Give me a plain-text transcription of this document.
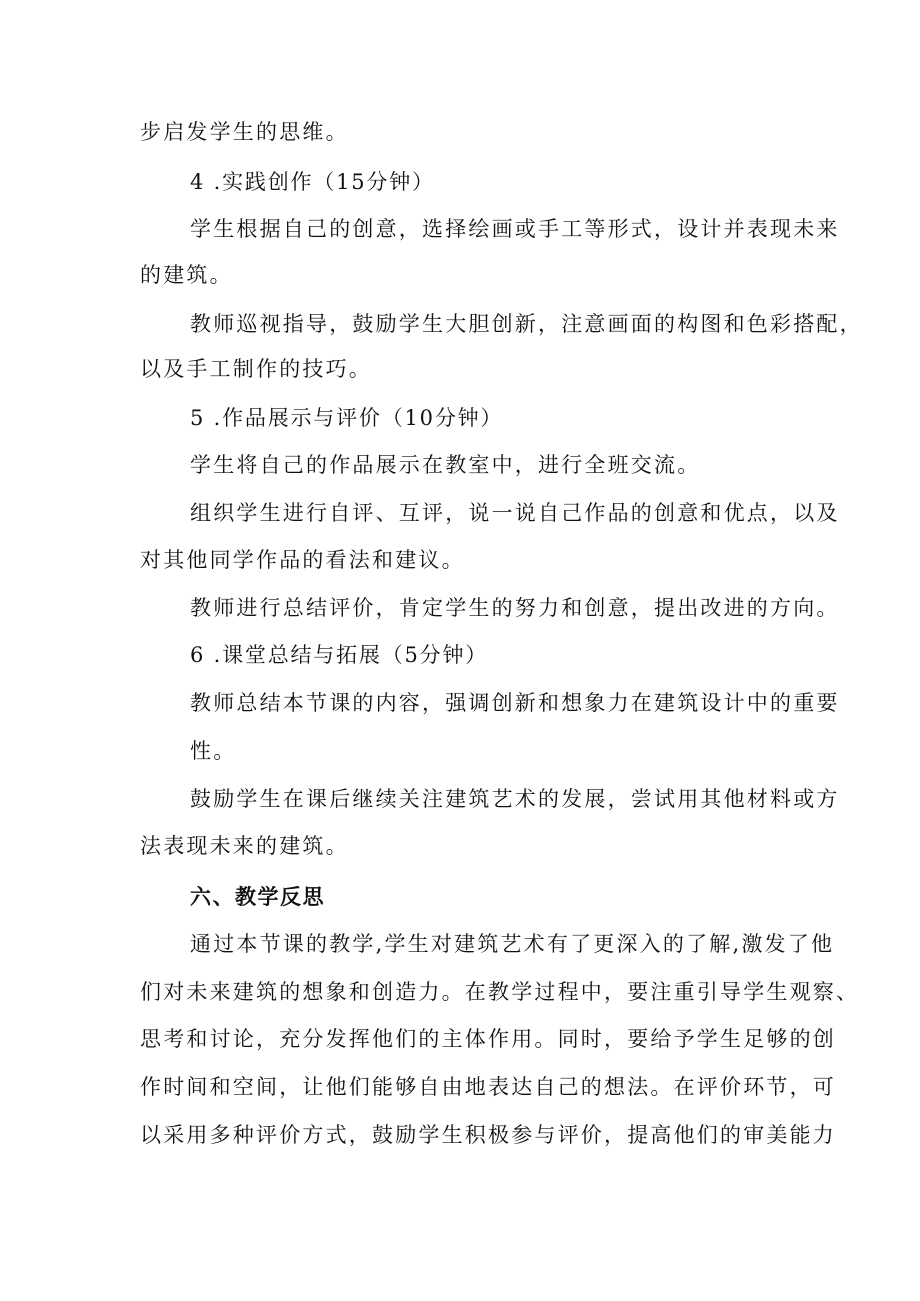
步启发学生的思维。
4 .实践创作（15分钟）
学生根据自己的创意，选择绘画或手工等形式，设计并表现未来
的建筑。
教师巡视指导，鼓励学生大胆创新，注意画面的构图和色彩搭配，
以及手工制作的技巧。
5 .作品展示与评价（10分钟）
学生将自己的作品展示在教室中，进行全班交流。
组织学生进行自评、互评，说一说自己作品的创意和优点，以及
对其他同学作品的看法和建议。
教师进行总结评价，肯定学生的努力和创意，提出改进的方向。
6 .课堂总结与拓展（5分钟）
教师总结本节课的内容，强调创新和想象力在建筑设计中的重要
性。
鼓励学生在课后继续关注建筑艺术的发展，尝试用其他材料或方
法表现未来的建筑。
六、教学反思
通过本节课的教学,学生对建筑艺术有了更深入的了解,激发了他
们对未来建筑的想象和创造力。在教学过程中，要注重引导学生观察、
思考和讨论，充分发挥他们的主体作用。同时，要给予学生足够的创
作时间和空间，让他们能够自由地表达自己的想法。在评价环节，可
以采用多种评价方式，鼓励学生积极参与评价，提高他们的审美能力
